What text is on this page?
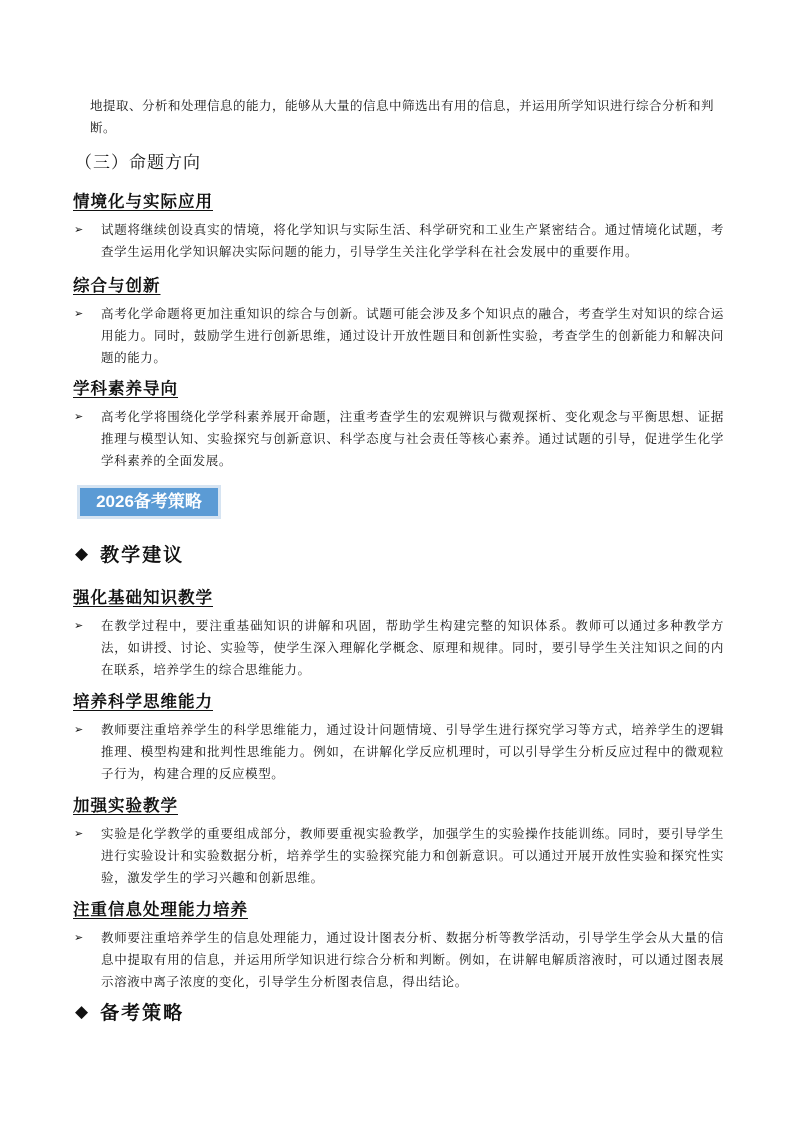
地提取、分析和处理信息的能力，能够从大量的信息中筛选出有用的信息，并运用所学知识进行综合分析和判断。
（三）命题方向
情境化与实际应用
➢ 试题将继续创设真实的情境，将化学知识与实际生活、科学研究和工业生产紧密结合。通过情境化试题，考查学生运用化学知识解决实际问题的能力，引导学生关注化学学科在社会发展中的重要作用。
综合与创新
➢ 高考化学命题将更加注重知识的综合与创新。试题可能会涉及多个知识点的融合，考查学生对知识的综合运用能力。同时，鼓励学生进行创新思维，通过设计开放性题目和创新性实验，考查学生的创新能力和解决问题的能力。
学科素养导向
➢ 高考化学将围绕化学学科素养展开命题，注重考查学生的宏观辨识与微观探析、变化观念与平衡思想、证据推理与模型认知、实验探究与创新意识、科学态度与社会责任等核心素养。通过试题的引导，促进学生化学学科素养的全面发展。
2026备考策略
◆ 教学建议
强化基础知识教学
➢ 在教学过程中，要注重基础知识的讲解和巩固，帮助学生构建完整的知识体系。教师可以通过多种教学方法，如讲授、讨论、实验等，使学生深入理解化学概念、原理和规律。同时，要引导学生关注知识之间的内在联系，培养学生的综合思维能力。
培养科学思维能力
➢ 教师要注重培养学生的科学思维能力，通过设计问题情境、引导学生进行探究学习等方式，培养学生的逻辑推理、模型构建和批判性思维能力。例如，在讲解化学反应机理时，可以引导学生分析反应过程中的微观粒子行为，构建合理的反应模型。
加强实验教学
➢ 实验是化学教学的重要组成部分，教师要重视实验教学，加强学生的实验操作技能训练。同时，要引导学生进行实验设计和实验数据分析，培养学生的实验探究能力和创新意识。可以通过开展开放性实验和探究性实验，激发学生的学习兴趣和创新思维。
注重信息处理能力培养
➢ 教师要注重培养学生的信息处理能力，通过设计图表分析、数据分析等教学活动，引导学生学会从大量的信息中提取有用的信息，并运用所学知识进行综合分析和判断。例如，在讲解电解质溶液时，可以通过图表展示溶液中离子浓度的变化，引导学生分析图表信息，得出结论。
◆ 备考策略
